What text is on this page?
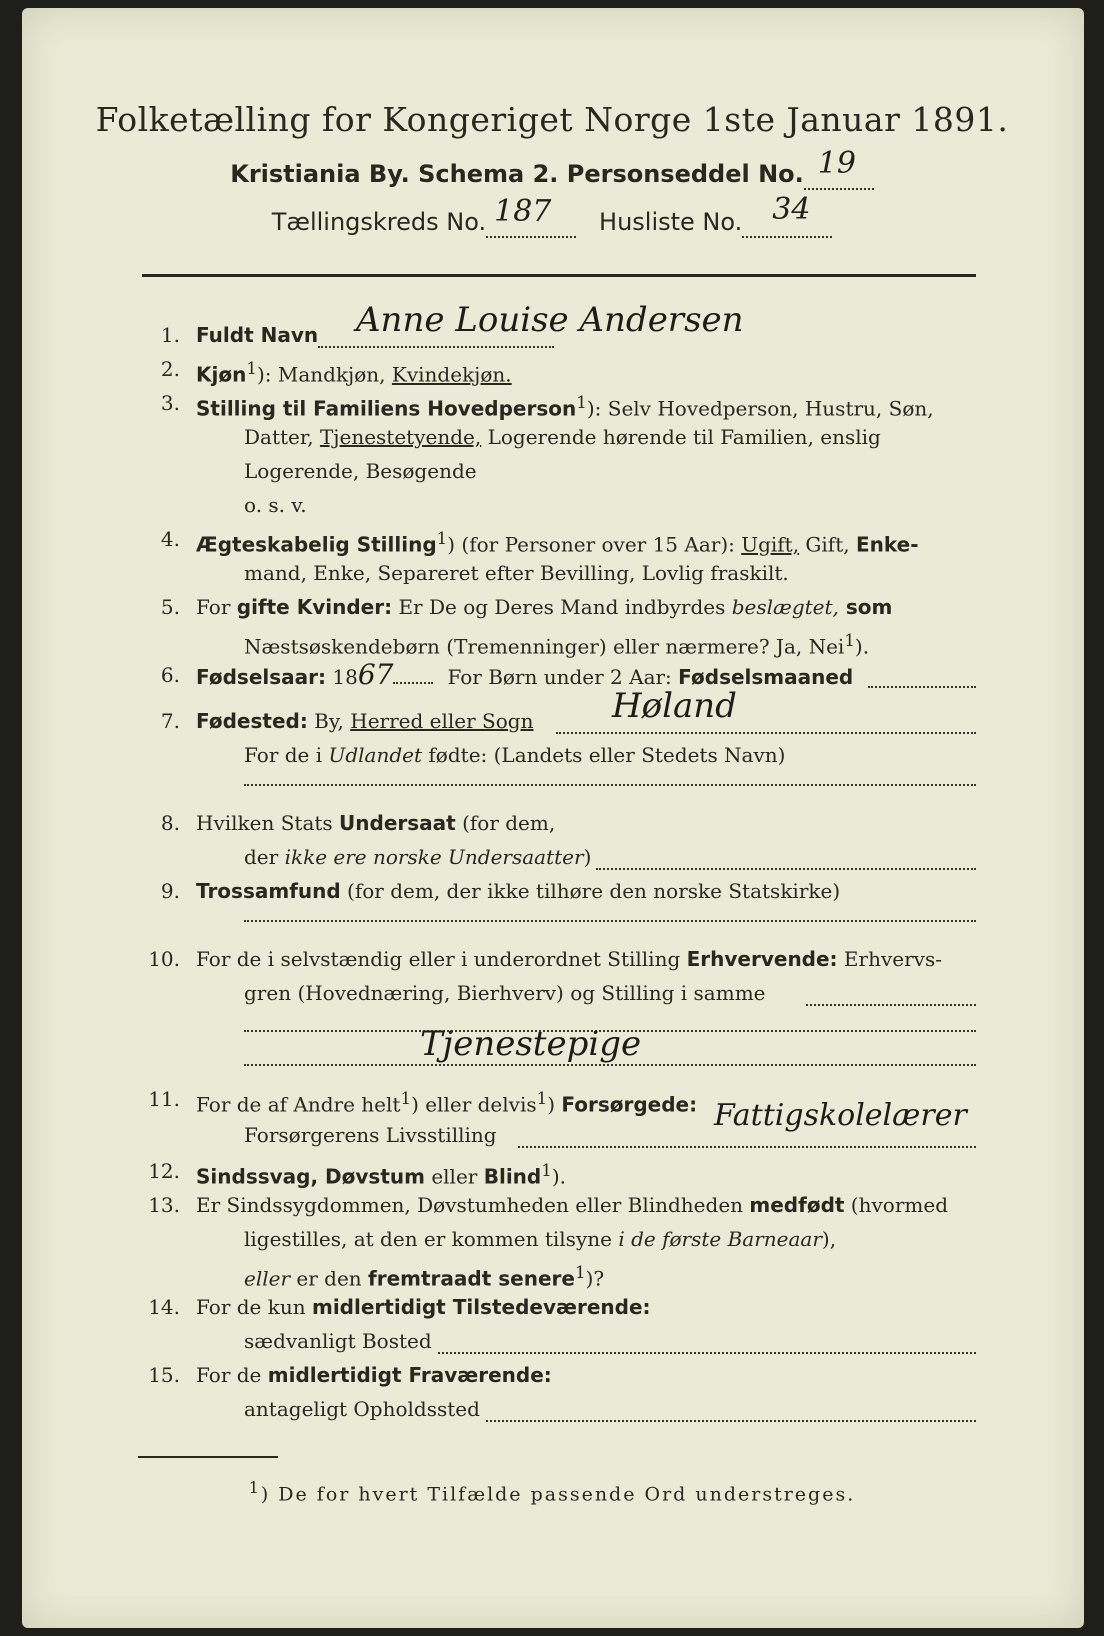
Folketælling for Kongeriget Norge 1ste Januar 1891.
Kristiania By. Schema 2. Personseddel No. 19

Tællingskreds No. 187 Husliste No. 34

1. Fuldt Navn Anne Louise Andersen
2. Kjøn$^1$): Mandkjøn, Kvindekjøn.
3. Stilling til Familiens Hovedperson$^1$): Selv Hovedperson, Hustru, Søn,
Datter, Tjenestetyende, Logerende hørende til Familien, enslig
Logerende, Besøgende
o. s. v.
4. Ægteskabelig Stilling$^1$) (for Personer over 15 Aar): Ugift, Gift, Enke-
mand, Enke, Separeret efter Bevilling, Lovlig fraskilt.
5. For gifte Kvinder: Er De og Deres Mand indbyrdes beslægtet, som
Næstsøskendebørn (Tremenninger) eller nærmere? Ja, Nei$^1$).
6. Fødselsaar: 1867	For Børn under 2 Aar: Fødselsmaaned
7. Fødested: By, Herred eller Sogn Høland
For de i Udlandet fødte: (Landets eller Stedets Navn)
8. Hvilken Stats Undersaat (for dem,
der ikke ere norske Undersaatter)
9. Trossamfund (for dem, der ikke tilhøre den norske Statskirke)
10. For de i selvstændig eller i underordnet Stilling Erhvervende: Erhvervs-
gren (Hovednæring, Bierhverv) og Stilling i samme
Tjenestepige
11. For de af Andre helt$^1$) eller delvis$^1$) Forsørgede:
Forsørgerens Livsstilling
Fattigskolelærer
12. Sindssvag, Døvstum eller Blind$^1$).
13. Er Sindssygdommen, Døvstumheden eller Blindheden medfødt (hvormed
ligestilles, at den er kommen tilsyne i de første Barneaar),
eller er den fremtraadt senere$^1$)?
14. For de kun midlertidigt Tilstedeværende:
sædvanligt Bosted
15. For de midlertidigt Fraværende:
antageligt Opholdssted
$^1$) De for hvert Tilfælde passende Ord understreges.
